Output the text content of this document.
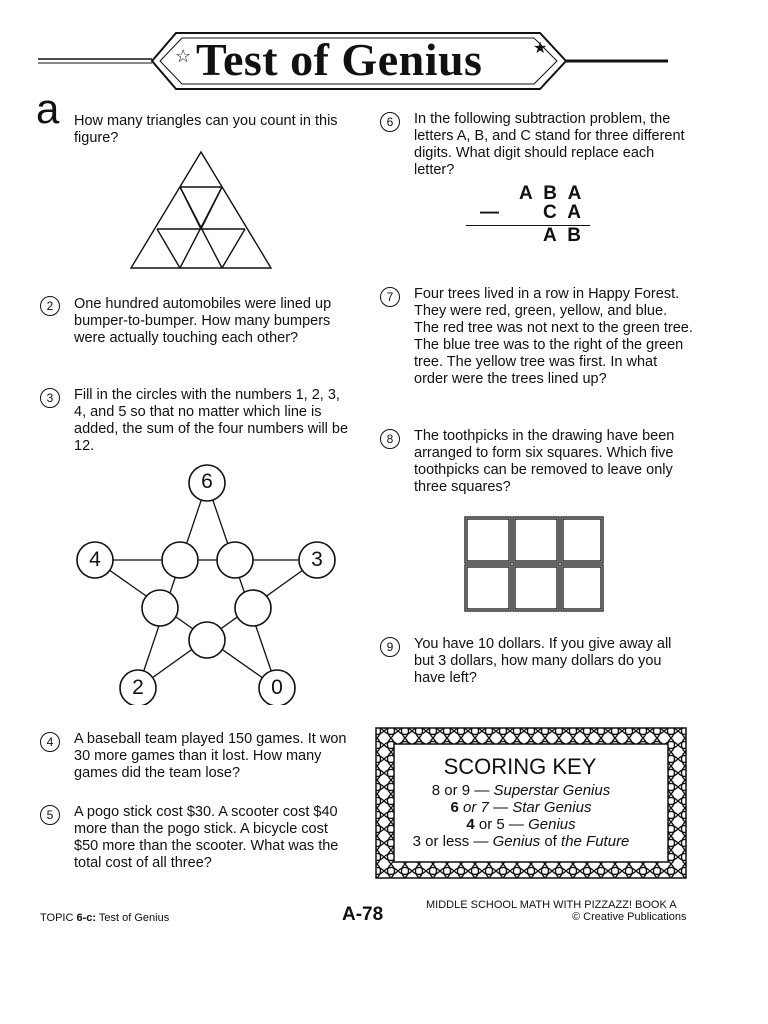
☆	★
Test of Genius
a How many triangles can you count in this figure?
2	One hundred automobiles were lined up bumper-to-bumper. How many bumpers were actually touching each other?
3	Fill in the circles with the numbers 1, 2, 3, 4, and 5 so that no matter which line is added, the sum of the four numbers will be 12.
6
4	3
2	0
4	A baseball team played 150 games. It won 30 more games than it lost. How many games did the team lose?
5	A pogo stick cost $30. A scooter cost $40 more than the pogo stick. A bicycle cost $50 more than the scooter. What was the total cost of all three?
6	In the following subtraction problem, the letters A, B, and C stand for three different digits. What digit should replace each letter?
A B A
— C A
A B
7	Four trees lived in a row in Happy Forest. They were red, green, yellow, and blue. The red tree was not next to the green tree. The blue tree was to the right of the green tree. The yellow tree was first. In what order were the trees lined up?
8	The toothpicks in the drawing have been arranged to form six squares. Which five toothpicks can be removed to leave only three squares?
9	You have 10 dollars. If you give away all but 3 dollars, how many dollars do you have left?
SCORING KEY
8 or 9 — Superstar Genius
6 or 7 — Star Genius
4 or 5 — Genius
3 or less — Genius of the Future
TOPIC 6-c: Test of Genius	A-78	MIDDLE SCHOOL MATH WITH PIZZAZZ! BOOK A
© Creative Publications
